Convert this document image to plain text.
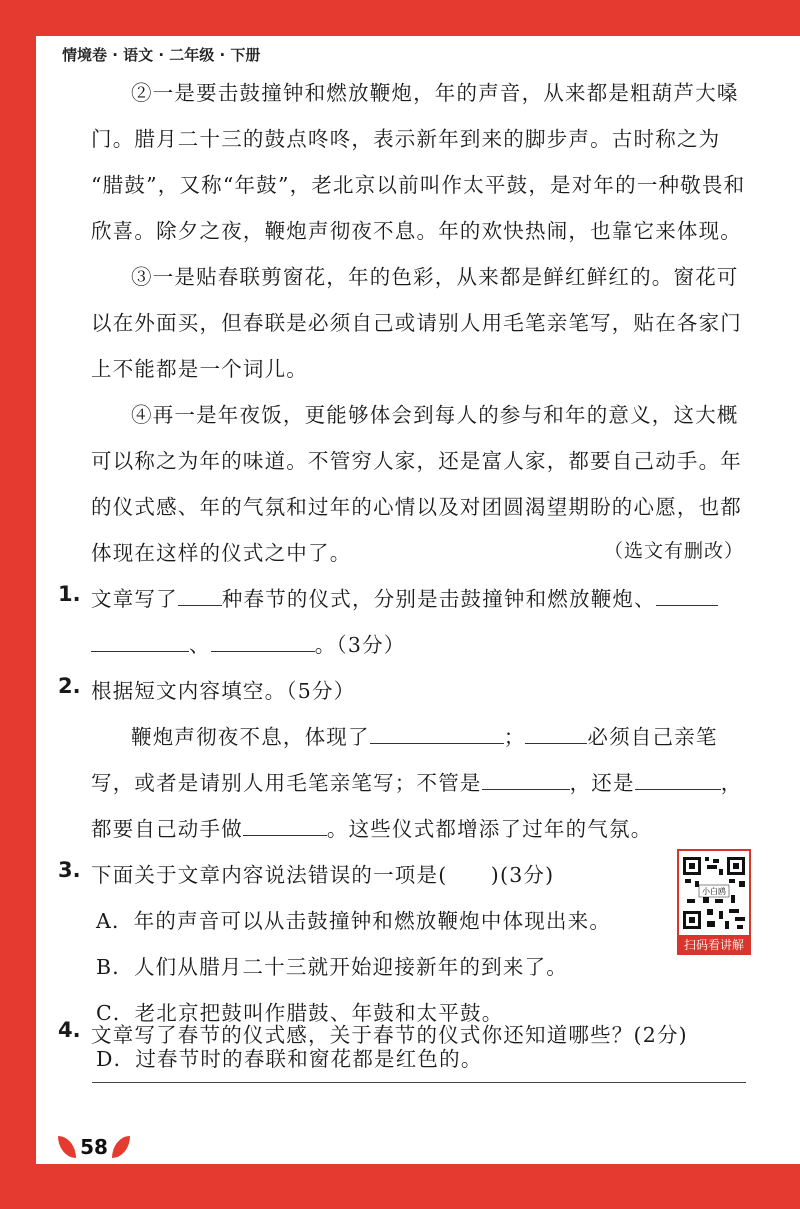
情境卷 · 语文 · 二年级 · 下册
②一是要击鼓撞钟和燃放鞭炮，年的声音，从来都是粗葫芦大嗓
门。腊月二十三的鼓点咚咚，表示新年到来的脚步声。古时称之为
“腊鼓”，又称“年鼓”，老北京以前叫作太平鼓，是对年的一种敬畏和
欣喜。除夕之夜，鞭炮声彻夜不息。年的欢快热闹，也靠它来体现。
③一是贴春联剪窗花，年的色彩，从来都是鲜红鲜红的。窗花可
以在外面买，但春联是必须自己或请别人用毛笔亲笔写，贴在各家门
上不能都是一个词儿。
④再一是年夜饭，更能够体会到每人的参与和年的意义，这大概
可以称之为年的味道。不管穷人家，还是富人家，都要自己动手。年
的仪式感、年的气氛和过年的心情以及对团圆渴望期盼的心愿，也都
体现在这样的仪式之中了。	（选文有删改）
1. 文章写了 种春节的仪式，分别是击鼓撞钟和燃放鞭炮、
、	。（3分）
2. 根据短文内容填空。（5分）
鞭炮声彻夜不息，体现了	；	必须自己亲笔
写，或者是请别人用毛笔亲笔写；不管是	，还是	，
都要自己动手做	。这些仪式都增添了过年的气氛。
3. 下面关于文章内容说法错误的一项是(　　)(3分)
A．年的声音可以从击鼓撞钟和燃放鞭炮中体现出来。
B．人们从腊月二十三就开始迎接新年的到来了。
C．老北京把鼓叫作腊鼓、年鼓和太平鼓。
D．过春节时的春联和窗花都是红色的。
小白鸥
扫码看讲解
58
4. 文章写了春节的仪式感，关于春节的仪式你还知道哪些？(2分)
